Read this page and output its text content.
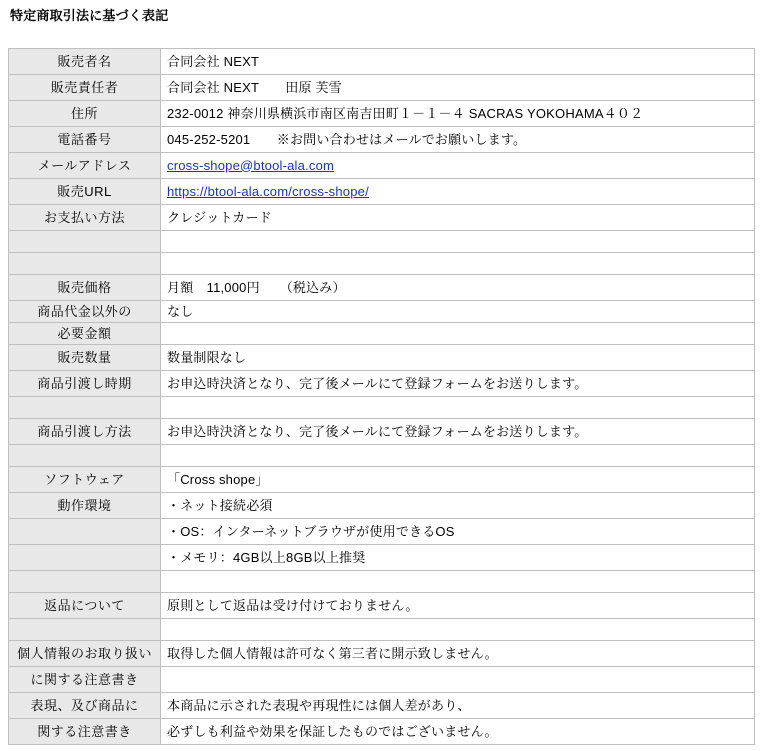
特定商取引法に基づく表記
販売者名	合同会社 NEXT
販売責任者	合同会社 NEXT　　田原 芙雪
住所	232-0012 神奈川県横浜市南区南吉田町１－１－４ SACRAS YOKOHAMA４０２
電話番号	045-252-5201　　※お問い合わせはメールでお願いします。
メールアドレス	cross-shope@btool-ala.com
販売URL	https://btool-ala.com/cross-shope/
お支払い方法	クレジットカード

販売価格	月額　11,000円　　（税込み）
商品代金以外の	なし
必要金額	
販売数量	数量制限なし
商品引渡し時期	お申込時決済となり、完了後メールにて登録フォームをお送りします。

商品引渡し方法	お申込時決済となり、完了後メールにて登録フォームをお送りします。

ソフトウェア	「Cross shope」
動作環境	・ネット接続必須
	・OS：インターネットブラウザが使用できるOS
	・メモリ：4GB以上8GB以上推奨

返品について	原則として返品は受け付けておりません。

個人情報のお取り扱い	取得した個人情報は許可なく第三者に開示致しません。
に関する注意書き	
表現、及び商品に	本商品に示された表現や再現性には個人差があり、
関する注意書き	必ずしも利益や効果を保証したものではございません。
